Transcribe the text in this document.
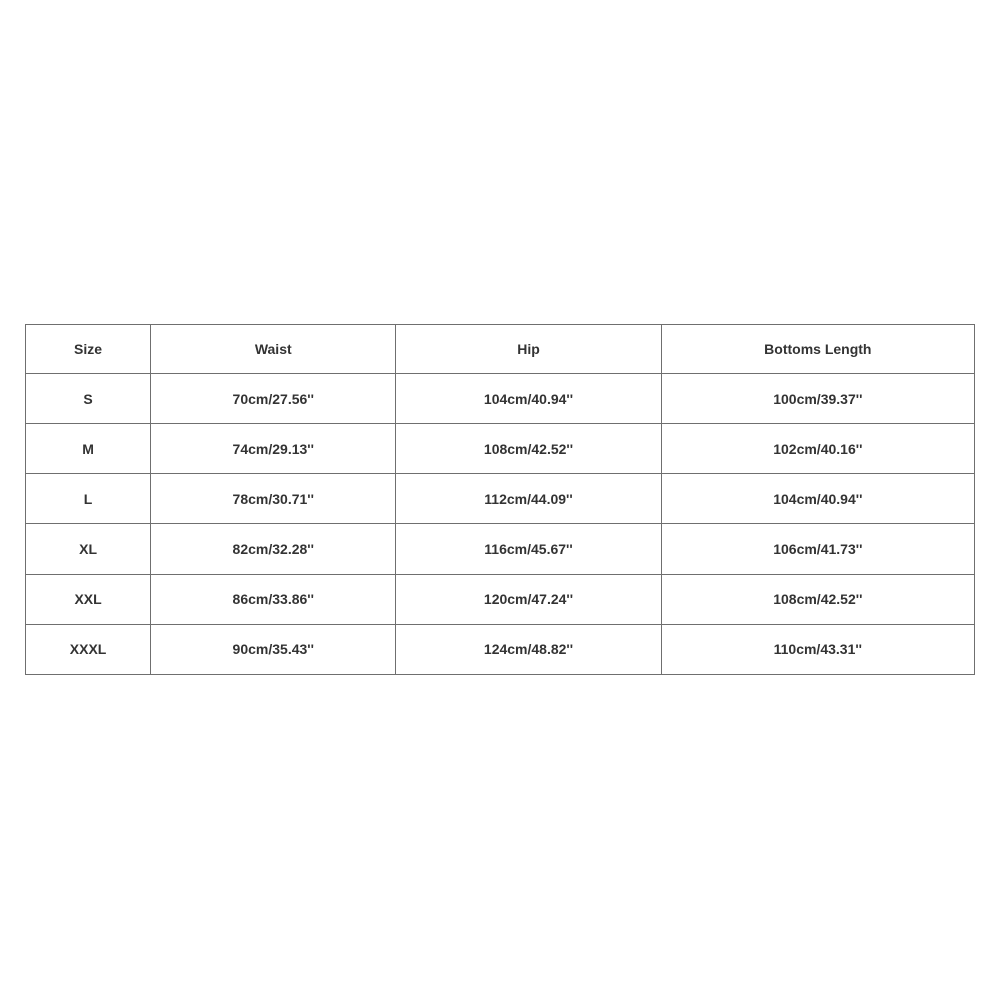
Size	Waist	Hip	Bottoms Length
S	70cm/27.56''	104cm/40.94''	100cm/39.37''
M	74cm/29.13''	108cm/42.52''	102cm/40.16''
L	78cm/30.71''	112cm/44.09''	104cm/40.94''
XL	82cm/32.28''	116cm/45.67''	106cm/41.73''
XXL	86cm/33.86''	120cm/47.24''	108cm/42.52''
XXXL	90cm/35.43''	124cm/48.82''	110cm/43.31''
